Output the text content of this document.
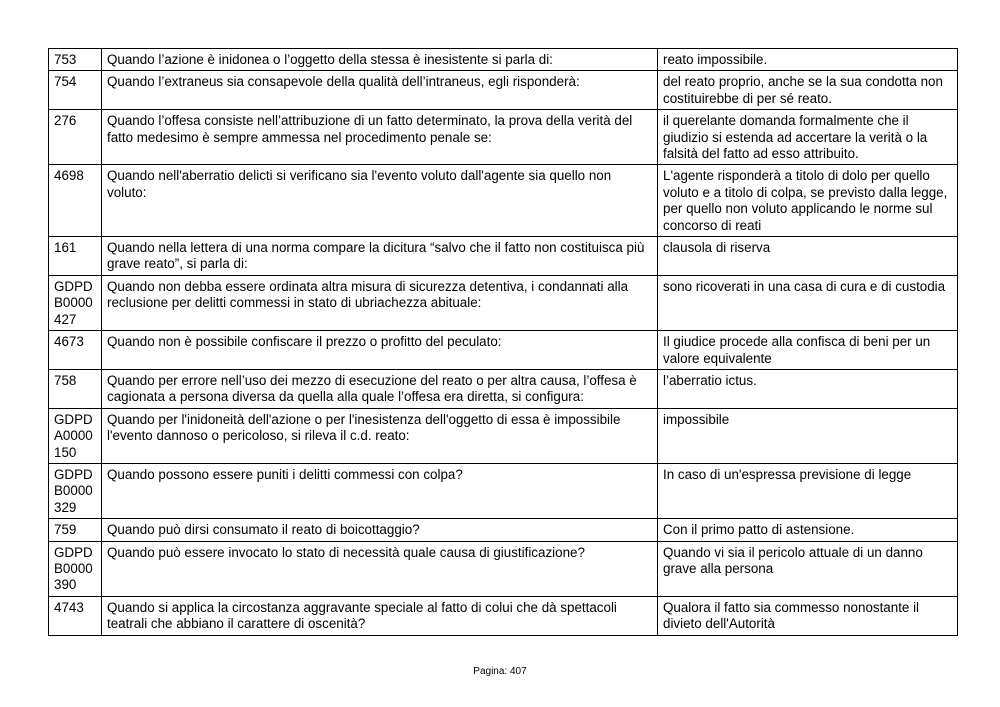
753	Quando l’azione è inidonea o l’oggetto della stessa è inesistente si parla di:	reato impossibile.
754	Quando l’extraneus sia consapevole della qualità dell’intraneus, egli risponderà:	del reato proprio, anche se la sua condotta non costituirebbe di per sé reato.
276	Quando l’offesa consiste nell’attribuzione di un fatto determinato, la prova della verità del fatto medesimo è sempre ammessa nel procedimento penale se:	il querelante domanda formalmente che il giudizio si estenda ad accertare la verità o la falsità del fatto ad esso attribuito.
4698	Quando nell'aberratio delicti si verificano sia l'evento voluto dall'agente sia quello non voluto:	L'agente risponderà a titolo di dolo per quello voluto e a titolo di colpa, se previsto dalla legge, per quello non voluto applicando le norme sul concorso di reati
161	Quando nella lettera di una norma compare la dicitura “salvo che il fatto non costituisca più grave reato”, si parla di:	clausola di riserva
GDPDB0000427	Quando non debba essere ordinata altra misura di sicurezza detentiva, i condannati alla reclusione per delitti commessi in stato di ubriachezza abituale:	sono ricoverati in una casa di cura e di custodia
4673	Quando non è possibile confiscare il prezzo o profitto del peculato:	Il giudice procede alla confisca di beni per un valore equivalente
758	Quando per errore nell’uso dei mezzo di esecuzione del reato o per altra causa, l’offesa è cagionata a persona diversa da quella alla quale l’offesa era diretta, si configura:	l’aberratio ictus.
GDPDA0000150	Quando per l'inidoneità dell'azione o per l'inesistenza dell'oggetto di essa è impossibile l'evento dannoso o pericoloso, si rileva il c.d. reato:	impossibile
GDPDB0000329	Quando possono essere puniti i delitti commessi con colpa?	In caso di un'espressa previsione di legge
759	Quando può dirsi consumato il reato di boicottaggio?	Con il primo patto di astensione.
GDPDB0000390	Quando può essere invocato lo stato di necessità quale causa di giustificazione?	Quando vi sia il pericolo attuale di un danno grave alla persona
4743	Quando si applica la circostanza aggravante speciale al fatto di colui che dà spettacoli teatrali che abbiano il carattere di oscenità?	Qualora il fatto sia commesso nonostante il divieto dell'Autorità
Pagina: 407
